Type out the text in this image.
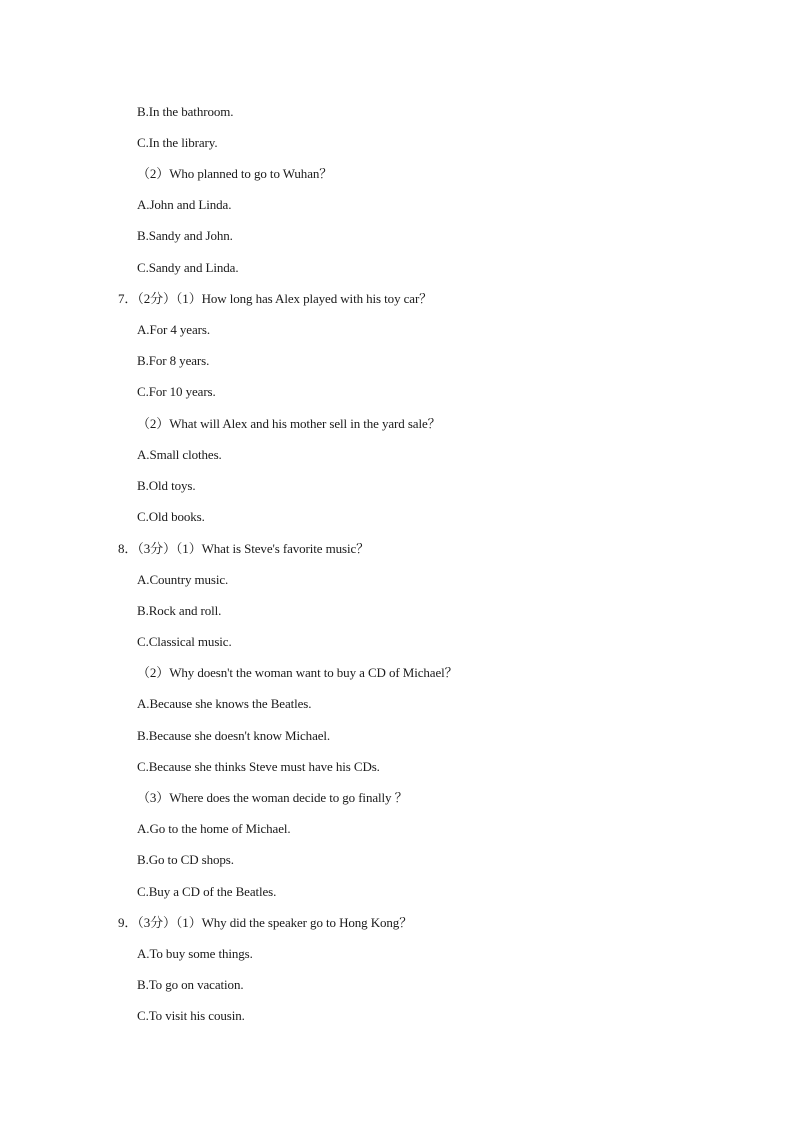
B.In the bathroom.
C.In the library.
（2）Who planned to go to Wuhan？
A.John and Linda.
B.Sandy and John.
C.Sandy and Linda.
7．（2分）（1）How long has Alex played with his toy car？
A.For 4 years.
B.For 8 years.
C.For 10 years.
（2）What will Alex and his mother sell in the yard sale？
A.Small clothes.
B.Old toys.
C.Old books.
8．（3分）（1）What is Steve's favorite music？
A.Country music.
B.Rock and roll.
C.Classical music.
（2）Why doesn't the woman want to buy a CD of Michael？
A.Because she knows the Beatles.
B.Because she doesn't know Michael.
C.Because she thinks Steve must have his CDs.
（3）Where does the woman decide to go finally ？
A.Go to the home of Michael.
B.Go to CD shops.
C.Buy a CD of the Beatles.
9．（3分）（1）Why did the speaker go to Hong Kong？
A.To buy some things.
B.To go on vacation.
C.To visit his cousin.
